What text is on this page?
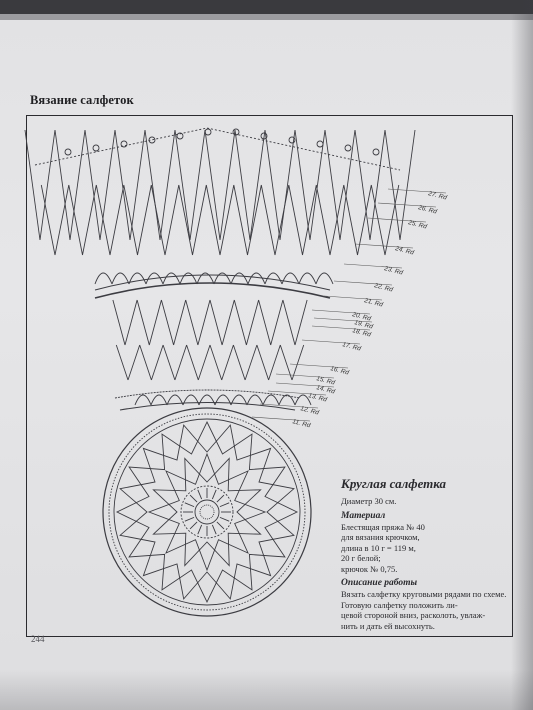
Вязание салфеток
27. Rd
26. Rd
25. Rd
24. Rd
23. Rd
22. Rd
21. Rd
20. Rd
19. Rd
18. Rd
17. Rd
16. Rd
15. Rd
14. Rd
13. Rd
12. Rd
11. Rd
Круглая салфетка

Диаметр 30 см.

Материал

Блестящая пряжа № 40
для вязания крючком,
длина в 10 г = 119 м,
20 г белой;
крючок № 0,75.

Описание работы

Вязать салфетку круговыми рядами по схеме. Готовую салфетку положить ли-
цевой стороной вниз, расколоть, увлаж-
нить и дать ей высохнуть.

244
